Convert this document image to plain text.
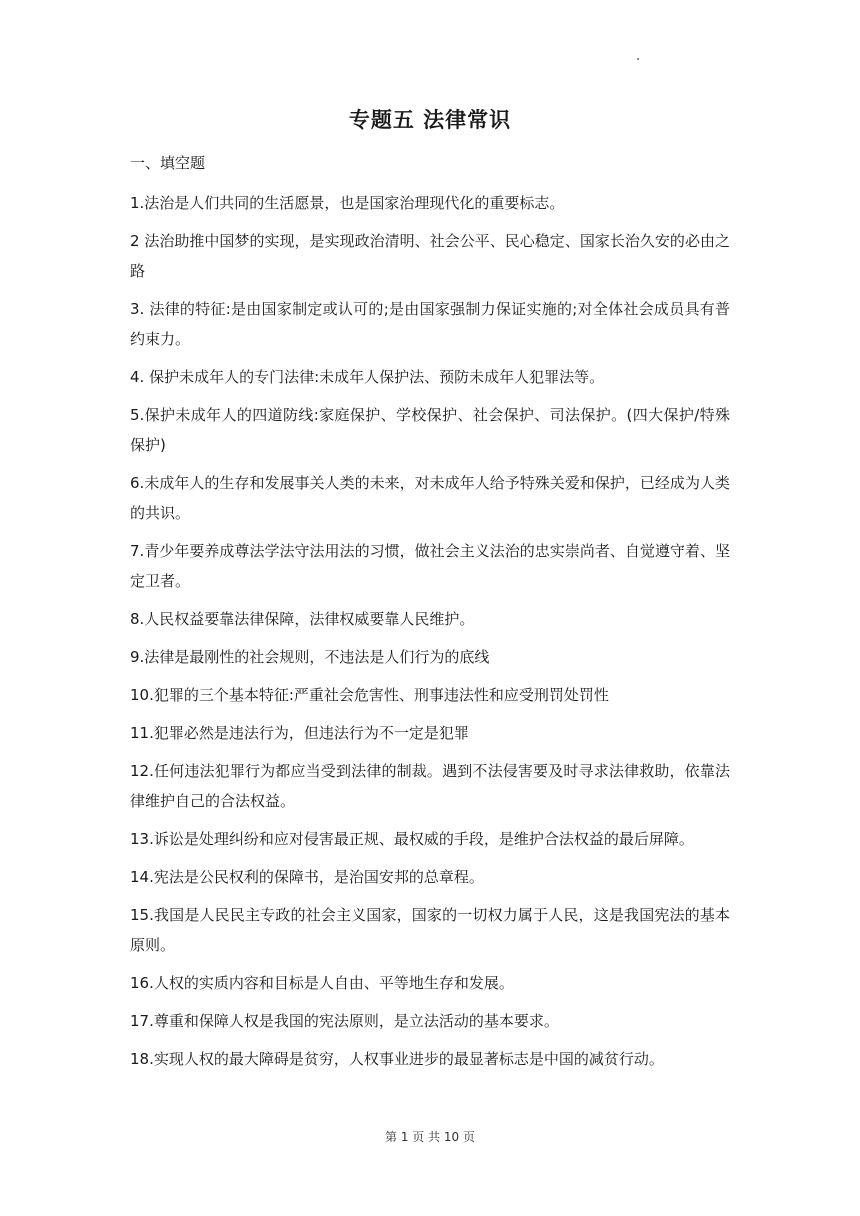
专题五 法律常识
一、填空题

1.法治是人们共同的生活愿景，也是国家治理现代化的重要标志。

2 法治助推中国梦的实现，是实现政治清明、社会公平、民心稳定、国家长治久安的必由之路

3. 法律的特征:是由国家制定或认可的;是由国家强制力保证实施的;对全体社会成员具有普约束力。

4. 保护未成年人的专门法律:未成年人保护法、预防未成年人犯罪法等。

5.保护未成年人的四道防线:家庭保护、学校保护、社会保护、司法保护。(四大保护/特殊保护)

6.未成年人的生存和发展事关人类的未来，对未成年人给予特殊关爱和保护，已经成为人类的共识。

7.青少年要养成尊法学法守法用法的习惯，做社会主义法治的忠实崇尚者、自觉遵守着、坚定卫者。

8.人民权益要靠法律保障，法律权威要靠人民维护。

9.法律是最刚性的社会规则，不违法是人们行为的底线

10.犯罪的三个基本特征:严重社会危害性、刑事违法性和应受刑罚处罚性

11.犯罪必然是违法行为，但违法行为不一定是犯罪

12.任何违法犯罪行为都应当受到法律的制裁。遇到不法侵害要及时寻求法律救助，依靠法律维护自己的合法权益。

13.诉讼是处理纠纷和应对侵害最正规、最权威的手段，是维护合法权益的最后屏障。

14.宪法是公民权利的保障书，是治国安邦的总章程。

15.我国是人民民主专政的社会主义国家，国家的一切权力属于人民，这是我国宪法的基本原则。

16.人权的实质内容和目标是人自由、平等地生存和发展。

17.尊重和保障人权是我国的宪法原则，是立法活动的基本要求。

18.实现人权的最大障碍是贫穷，人权事业进步的最显著标志是中国的减贫行动。

第 1 页 共 10 页
